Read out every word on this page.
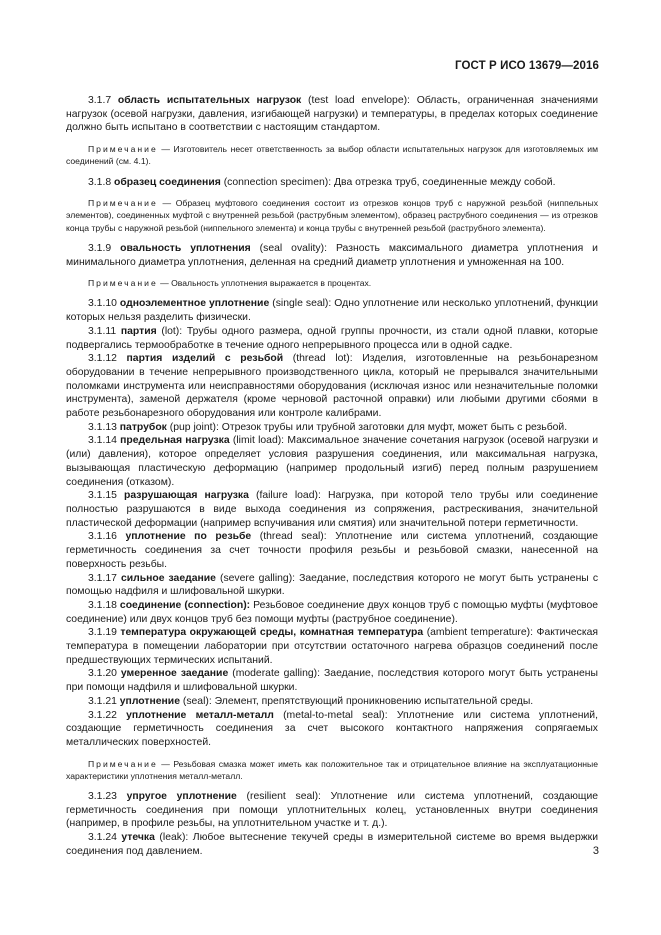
ГОСТ Р ИСО 13679—2016

3.1.7 область испытательных нагрузок (test load envelope): Область, ограниченная значениями нагрузок (осевой нагрузки, давления, изгибающей нагрузки) и температуры, в пределах которых соединение должно быть испытано в соответствии с настоящим стандартом.

Примечание — Изготовитель несет ответственность за выбор области испытательных нагрузок для изготовляемых им соединений (см. 4.1).

3.1.8 образец соединения (connection specimen): Два отрезка труб, соединенные между собой.

Примечание — Образец муфтового соединения состоит из отрезков концов труб с наружной резьбой (ниппельных элементов), соединенных муфтой с внутренней резьбой (раструбным элементом), образец раструбного соединения — из отрезков конца трубы с наружной резьбой (ниппельного элемента) и конца трубы с внутренней резьбой (раструбного элемента).

3.1.9 овальность уплотнения (seal ovality): Разность максимального диаметра уплотнения и минимального диаметра уплотнения, деленная на средний диаметр уплотнения и умноженная на 100.

Примечание — Овальность уплотнения выражается в процентах.

3.1.10 одноэлементное уплотнение (single seal): Одно уплотнение или несколько уплотнений, функции которых нельзя разделить физически.

3.1.11 партия (lot): Трубы одного размера, одной группы прочности, из стали одной плавки, которые подвергались термообработке в течение одного непрерывного процесса или в одной садке.

3.1.12 партия изделий с резьбой (thread lot): Изделия, изготовленные на резьбонарезном оборудовании в течение непрерывного производственного цикла, который не прерывался значительными поломками инструмента или неисправностями оборудования (исключая износ или незначительные поломки инструмента), заменой держателя (кроме черновой расточной оправки) или любыми другими сбоями в работе резьбонарезного оборудования или контроле калибрами.

3.1.13 патрубок (pup joint): Отрезок трубы или трубной заготовки для муфт, может быть с резьбой.

3.1.14 предельная нагрузка (limit load): Максимальное значение сочетания нагрузок (осевой нагрузки и (или) давления), которое определяет условия разрушения соединения, или максимальная нагрузка, вызывающая пластическую деформацию (например продольный изгиб) перед полным разрушением соединения (отказом).

3.1.15 разрушающая нагрузка (failure load): Нагрузка, при которой тело трубы или соединение полностью разрушаются в виде выхода соединения из сопряжения, растрескивания, значительной пластической деформации (например вспучивания или смятия) или значительной потери герметичности.

3.1.16 уплотнение по резьбе (thread seal): Уплотнение или система уплотнений, создающие герметичность соединения за счет точности профиля резьбы и резьбовой смазки, нанесенной на поверхность резьбы.

3.1.17 сильное заедание (severe galling): Заедание, последствия которого не могут быть устранены с помощью надфиля и шлифовальной шкурки.

3.1.18 соединение (connection): Резьбовое соединение двух концов труб с помощью муфты (муфтовое соединение) или двух концов труб без помощи муфты (раструбное соединение).

3.1.19 температура окружающей среды, комнатная температура (ambient temperature): Фактическая температура в помещении лаборатории при отсутствии остаточного нагрева образцов соединений после предшествующих термических испытаний.

3.1.20 умеренное заедание (moderate galling): Заедание, последствия которого могут быть устранены при помощи надфиля и шлифовальной шкурки.

3.1.21 уплотнение (seal): Элемент, препятствующий проникновению испытательной среды.

3.1.22 уплотнение металл-металл (metal-to-metal seal): Уплотнение или система уплотнений, создающие герметичность соединения за счет высокого контактного напряжения сопрягаемых металлических поверхностей.

Примечание — Резьбовая смазка может иметь как положительное так и отрицательное влияние на эксплуатационные характеристики уплотнения металл-металл.

3.1.23 упругое уплотнение (resilient seal): Уплотнение или система уплотнений, создающие герметичность соединения при помощи уплотнительных колец, установленных внутри соединения (например, в профиле резьбы, на уплотнительном участке и т. д.).

3.1.24 утечка (leak): Любое вытеснение текучей среды в измерительной системе во время выдержки соединения под давлением.	3
